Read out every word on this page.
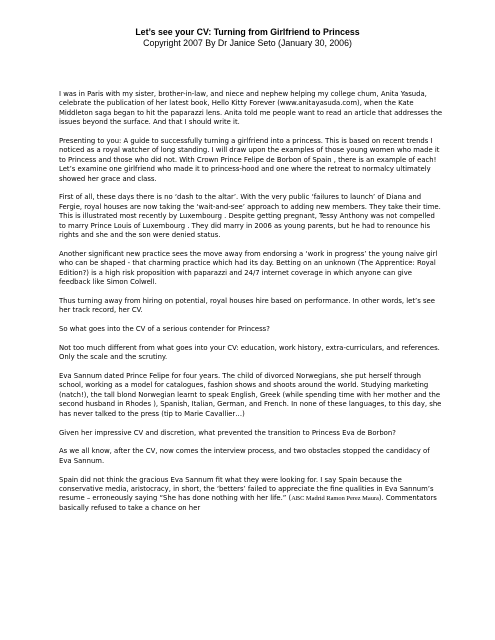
Let’s see your CV: Turning from Girlfriend to Princess

Copyright 2007 By Dr Janice Seto (January 30, 2006)

I was in Paris with my sister, brother-in-law, and niece and nephew helping my college chum, Anita Yasuda, celebrate the publication of her latest book, Hello Kitty Forever (www.anitayasuda.com), when the Kate Middleton saga began to hit the paparazzi lens. Anita told me people want to read an article that addresses the issues beyond the surface. And that I should write it.

Presenting to you: A guide to successfully turning a girlfriend into a princess. This is based on recent trends I noticed as a royal watcher of long standing. I will draw upon the examples of those young women who made it to Princess and those who did not. With Crown Prince Felipe de Borbon of Spain , there is an example of each! Let’s examine one girlfriend who made it to princess-hood and one where the retreat to normalcy ultimately showed her grace and class.

First of all, these days there is no ‘dash to the altar’. With the very public ‘failures to launch’ of Diana and Fergie, royal houses are now taking the ‘wait-and-see’ approach to adding new members. They take their time. This is illustrated most recently by Luxembourg . Despite getting pregnant, Tessy Anthony was not compelled to marry Prince Louis of Luxembourg . They did marry in 2006 as young parents, but he had to renounce his rights and she and the son were denied status.

Another significant new practice sees the move away from endorsing a ‘work in progress’ the young naive girl who can be shaped - that charming practice which had its day. Betting on an unknown (The Apprentice: Royal Edition?) is a high risk proposition with paparazzi and 24/7 internet coverage in which anyone can give feedback like Simon Colwell.

Thus turning away from hiring on potential, royal houses hire based on performance. In other words, let’s see her track record, her CV.

So what goes into the CV of a serious contender for Princess?

Not too much different from what goes into your CV: education, work history, extra-curriculars, and references. Only the scale and the scrutiny.

Eva Sannum dated Prince Felipe for four years. The child of divorced Norwegians, she put herself through school, working as a model for catalogues, fashion shows and shoots around the world. Studying marketing (natch!), the tall blond Norwegian learnt to speak English, Greek (while spending time with her mother and the second husband in Rhodes ), Spanish, Italian, German, and French. In none of these languages, to this day, she has never talked to the press (tip to Marie Cavallier…)

Given her impressive CV and discretion, what prevented the transition to Princess Eva de Borbon?

As we all know, after the CV, now comes the interview process, and two obstacles stopped the candidacy of Eva Sannum.

Spain did not think the gracious Eva Sannum fit what they were looking for. I say Spain because the conservative media, aristocracy, in short, the ‘betters’ failed to appreciate the fine qualities in Eva Sannum’s resume – erroneously saying “She has done nothing with her life.” (ABC Madrid Ramon Perez Maura). Commentators basically refused to take a chance on her
